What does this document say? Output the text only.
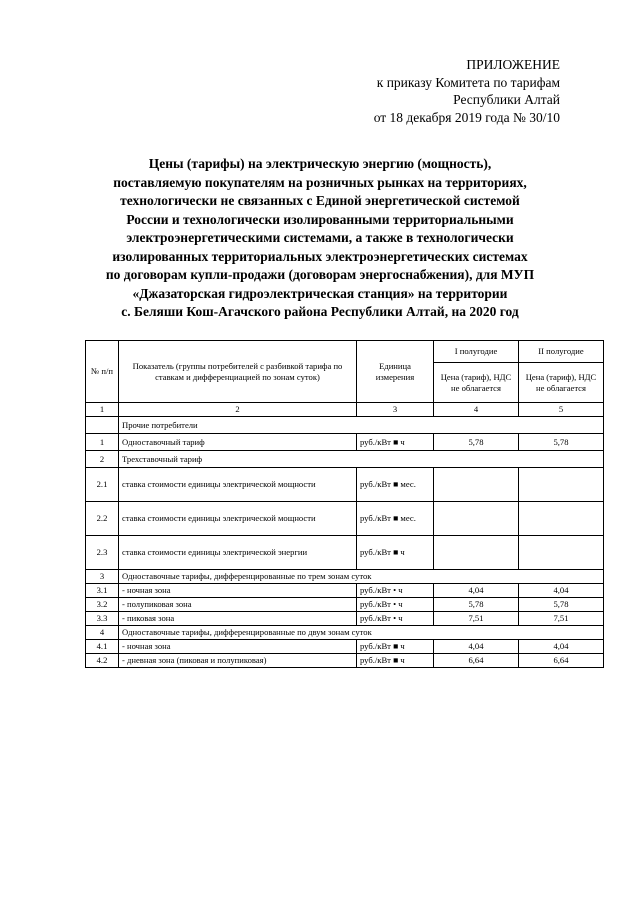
ПРИЛОЖЕНИЕ
к приказу Комитета по тарифам
Республики Алтай
от 18 декабря 2019 года № 30/10
Цены (тарифы) на электрическую энергию (мощность),
поставляемую покупателям на розничных рынках на территориях,
технологически не связанных с Единой энергетической системой
России и технологически изолированными территориальными
электроэнергетическими системами, а также в технологически
изолированных территориальных электроэнергетических системах
по договорам купли-продажи (договорам энергоснабжения), для МУП
«Джазаторская гидроэлектрическая станция» на территории
с. Беляши Кош-Агачского района Республики Алтай, на 2020 год
№ п/п	Показатель (группы потребителей с разбивкой тарифа по ставкам и дифференциацией по зонам суток)	Единица измерения	I полугодие	II полугодие
			Цена (тариф), НДС не облагается	Цена (тариф), НДС не облагается
1	2	3	4	5
	Прочие потребители			
1	Одноставочный тариф	руб./кВт ■ ч	5,78	5,78
2	Трехставочный тариф			
2.1	ставка стоимости единицы электрической мощности	руб./кВт ■ мес.		
2.2	ставка стоимости единицы электрической мощности	руб./кВт ■ мес.		
2.3	ставка стоимости единицы электрической энергии	руб./кВт ■ ч		
3	Одноставочные тарифы, дифференцированные по трем зонам суток			
3.1	- ночная зона	руб./кВт • ч	4,04	4,04
3.2	- полупиковая зона	руб./кВт • ч	5,78	5,78
3.3	- пиковая зона	руб./кВт • ч	7,51	7,51
4	Одноставочные тарифы, дифференцированные по двум зонам суток			
4.1	- ночная зона	руб./кВт ■ ч	4,04	4,04
4.2	- дневная зона (пиковая и полупиковая)	руб./кВт ■ ч	6,64	6,64
